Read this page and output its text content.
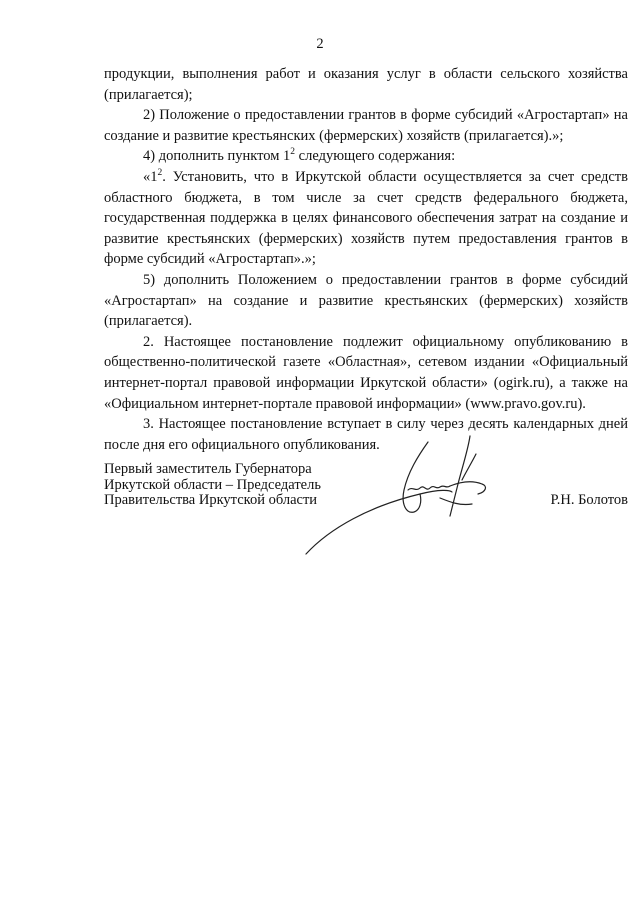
2

продукции, выполнения работ и оказания услуг в области сельского хозяйства (прилагается);

2) Положение о предоставлении грантов в форме субсидий «Агростартап» на создание и развитие крестьянских (фермерских) хозяйств (прилагается).»;

4) дополнить пунктом $1^2$ следующего содержания:

«$1^2$. Установить, что в Иркутской области осуществляется за счет средств областного бюджета, в том числе за счет средств федерального бюджета, государственная поддержка в целях финансового обеспечения затрат на создание и развитие крестьянских (фермерских) хозяйств путем предоставления грантов в форме субсидий «Агростартап».»;

5) дополнить Положением о предоставлении грантов в форме субсидий «Агростартап» на создание и развитие крестьянских (фермерских) хозяйств (прилагается).

2. Настоящее постановление подлежит официальному опубликованию в общественно-политической газете «Областная», сетевом издании «Официальный интернет-портал правовой информации Иркутской области» (ogirk.ru), а также на «Официальном интернет-портале правовой информации» (www.pravo.gov.ru).

3. Настоящее постановление вступает в силу через десять календарных дней после дня его официального опубликования.

Первый заместитель Губернатора
Иркутской области – Председатель
Правительства Иркутской области	Р.Н. Болотов
